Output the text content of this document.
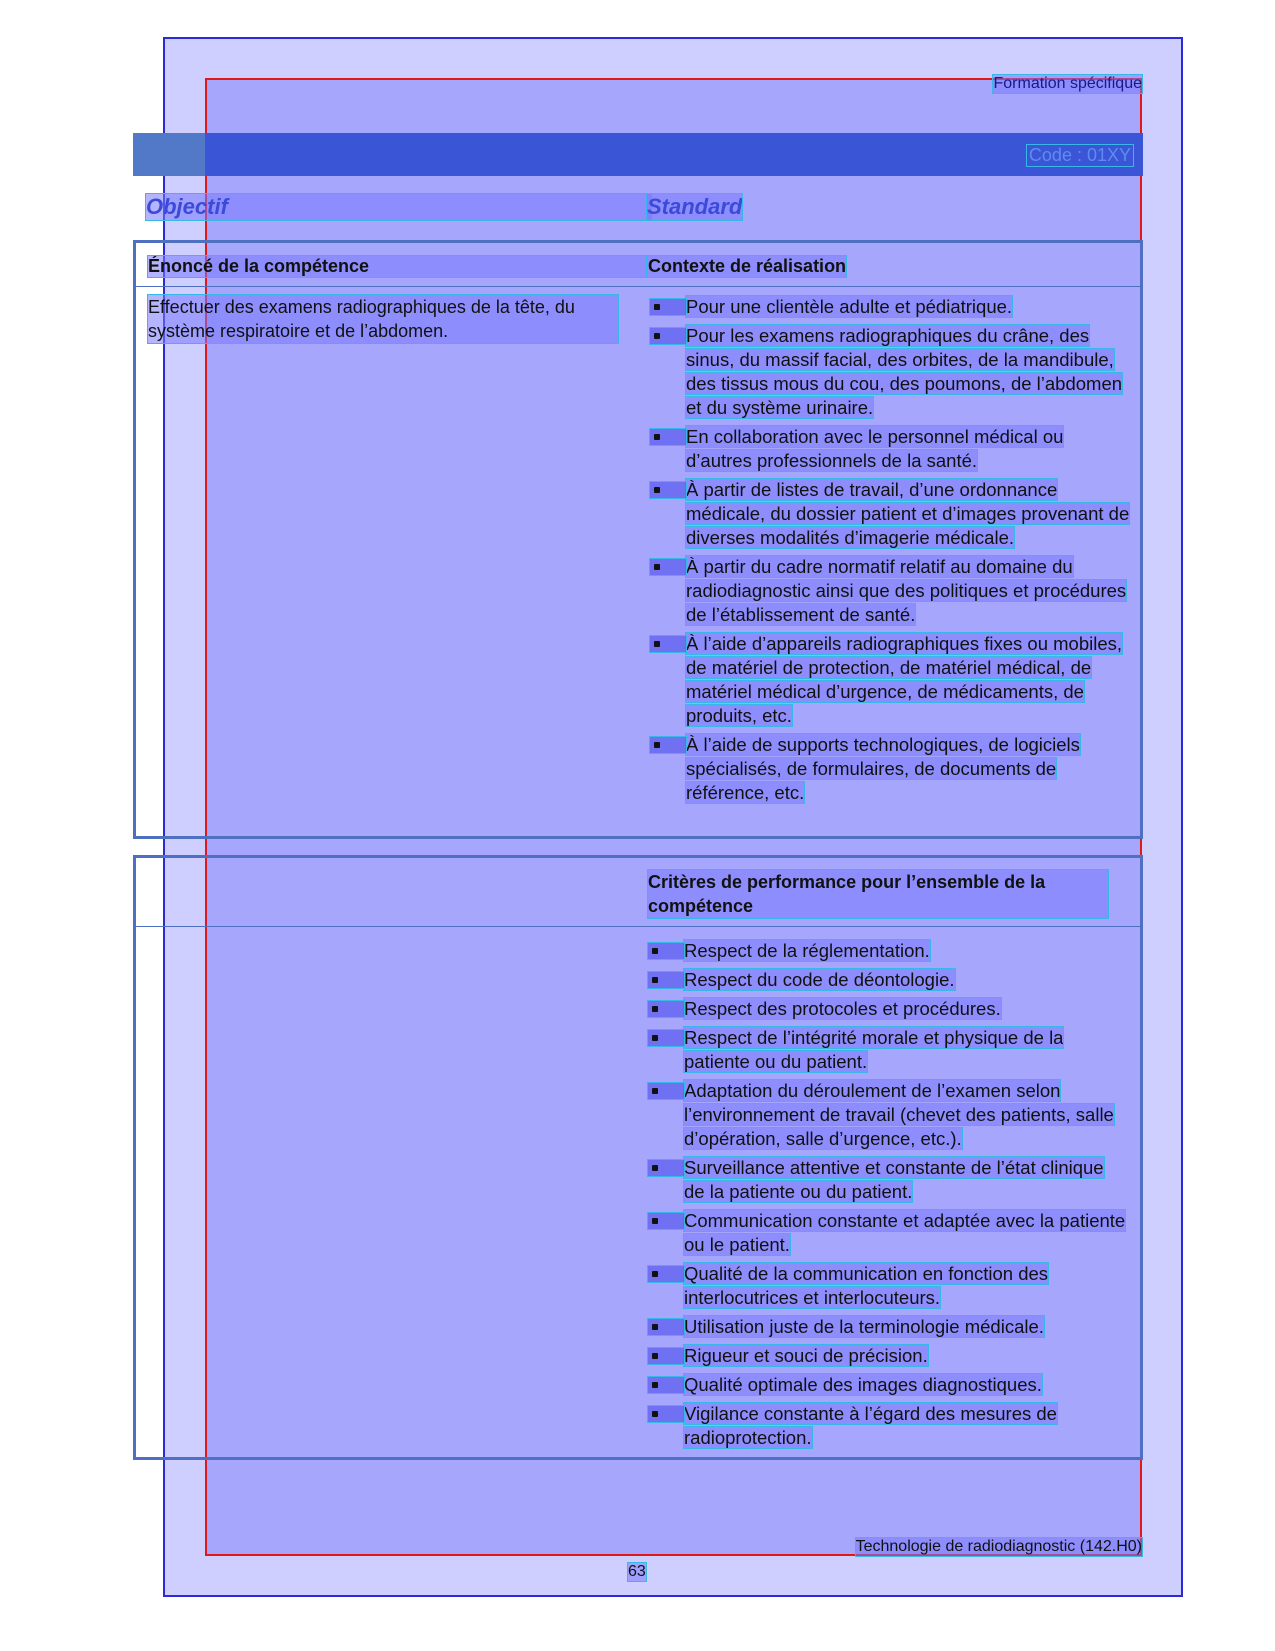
Formation spécifique
Code : 01XY
Objectif	Standard
Énoncé de la compétence	Contexte de réalisation
Effectuer des examens radiographiques de la tête, du système respiratoire et de l’abdomen.
Pour une clientèle adulte et pédiatrique.
Pour les examens radiographiques du crâne, des sinus, du massif facial, des orbites, de la mandibule, des tissus mous du cou, des poumons, de l’abdomen et du système urinaire.
En collaboration avec le personnel médical ou d’autres professionnels de la santé.
À partir de listes de travail, d’une ordonnance médicale, du dossier patient et d’images provenant de diverses modalités d’imagerie médicale.
À partir du cadre normatif relatif au domaine du radiodiagnostic ainsi que des politiques et procédures de l’établissement de santé.
À l’aide d’appareils radiographiques fixes ou mobiles, de matériel de protection, de matériel médical, de matériel médical d’urgence, de médicaments, de produits, etc.
À l’aide de supports technologiques, de logiciels spécialisés, de formulaires, de documents de référence, etc.
Critères de performance pour l’ensemble de la compétence
Respect de la réglementation.
Respect du code de déontologie.
Respect des protocoles et procédures.
Respect de l’intégrité morale et physique de la patiente ou du patient.
Adaptation du déroulement de l’examen selon l’environnement de travail (chevet des patients, salle d’opération, salle d’urgence, etc.).
Surveillance attentive et constante de l’état clinique de la patiente ou du patient.
Communication constante et adaptée avec la patiente ou le patient.
Qualité de la communication en fonction des interlocutrices et interlocuteurs.
Utilisation juste de la terminologie médicale.
Rigueur et souci de précision.
Qualité optimale des images diagnostiques.
Vigilance constante à l’égard des mesures de radioprotection.
Technologie de radiodiagnostic (142.H0)
63
